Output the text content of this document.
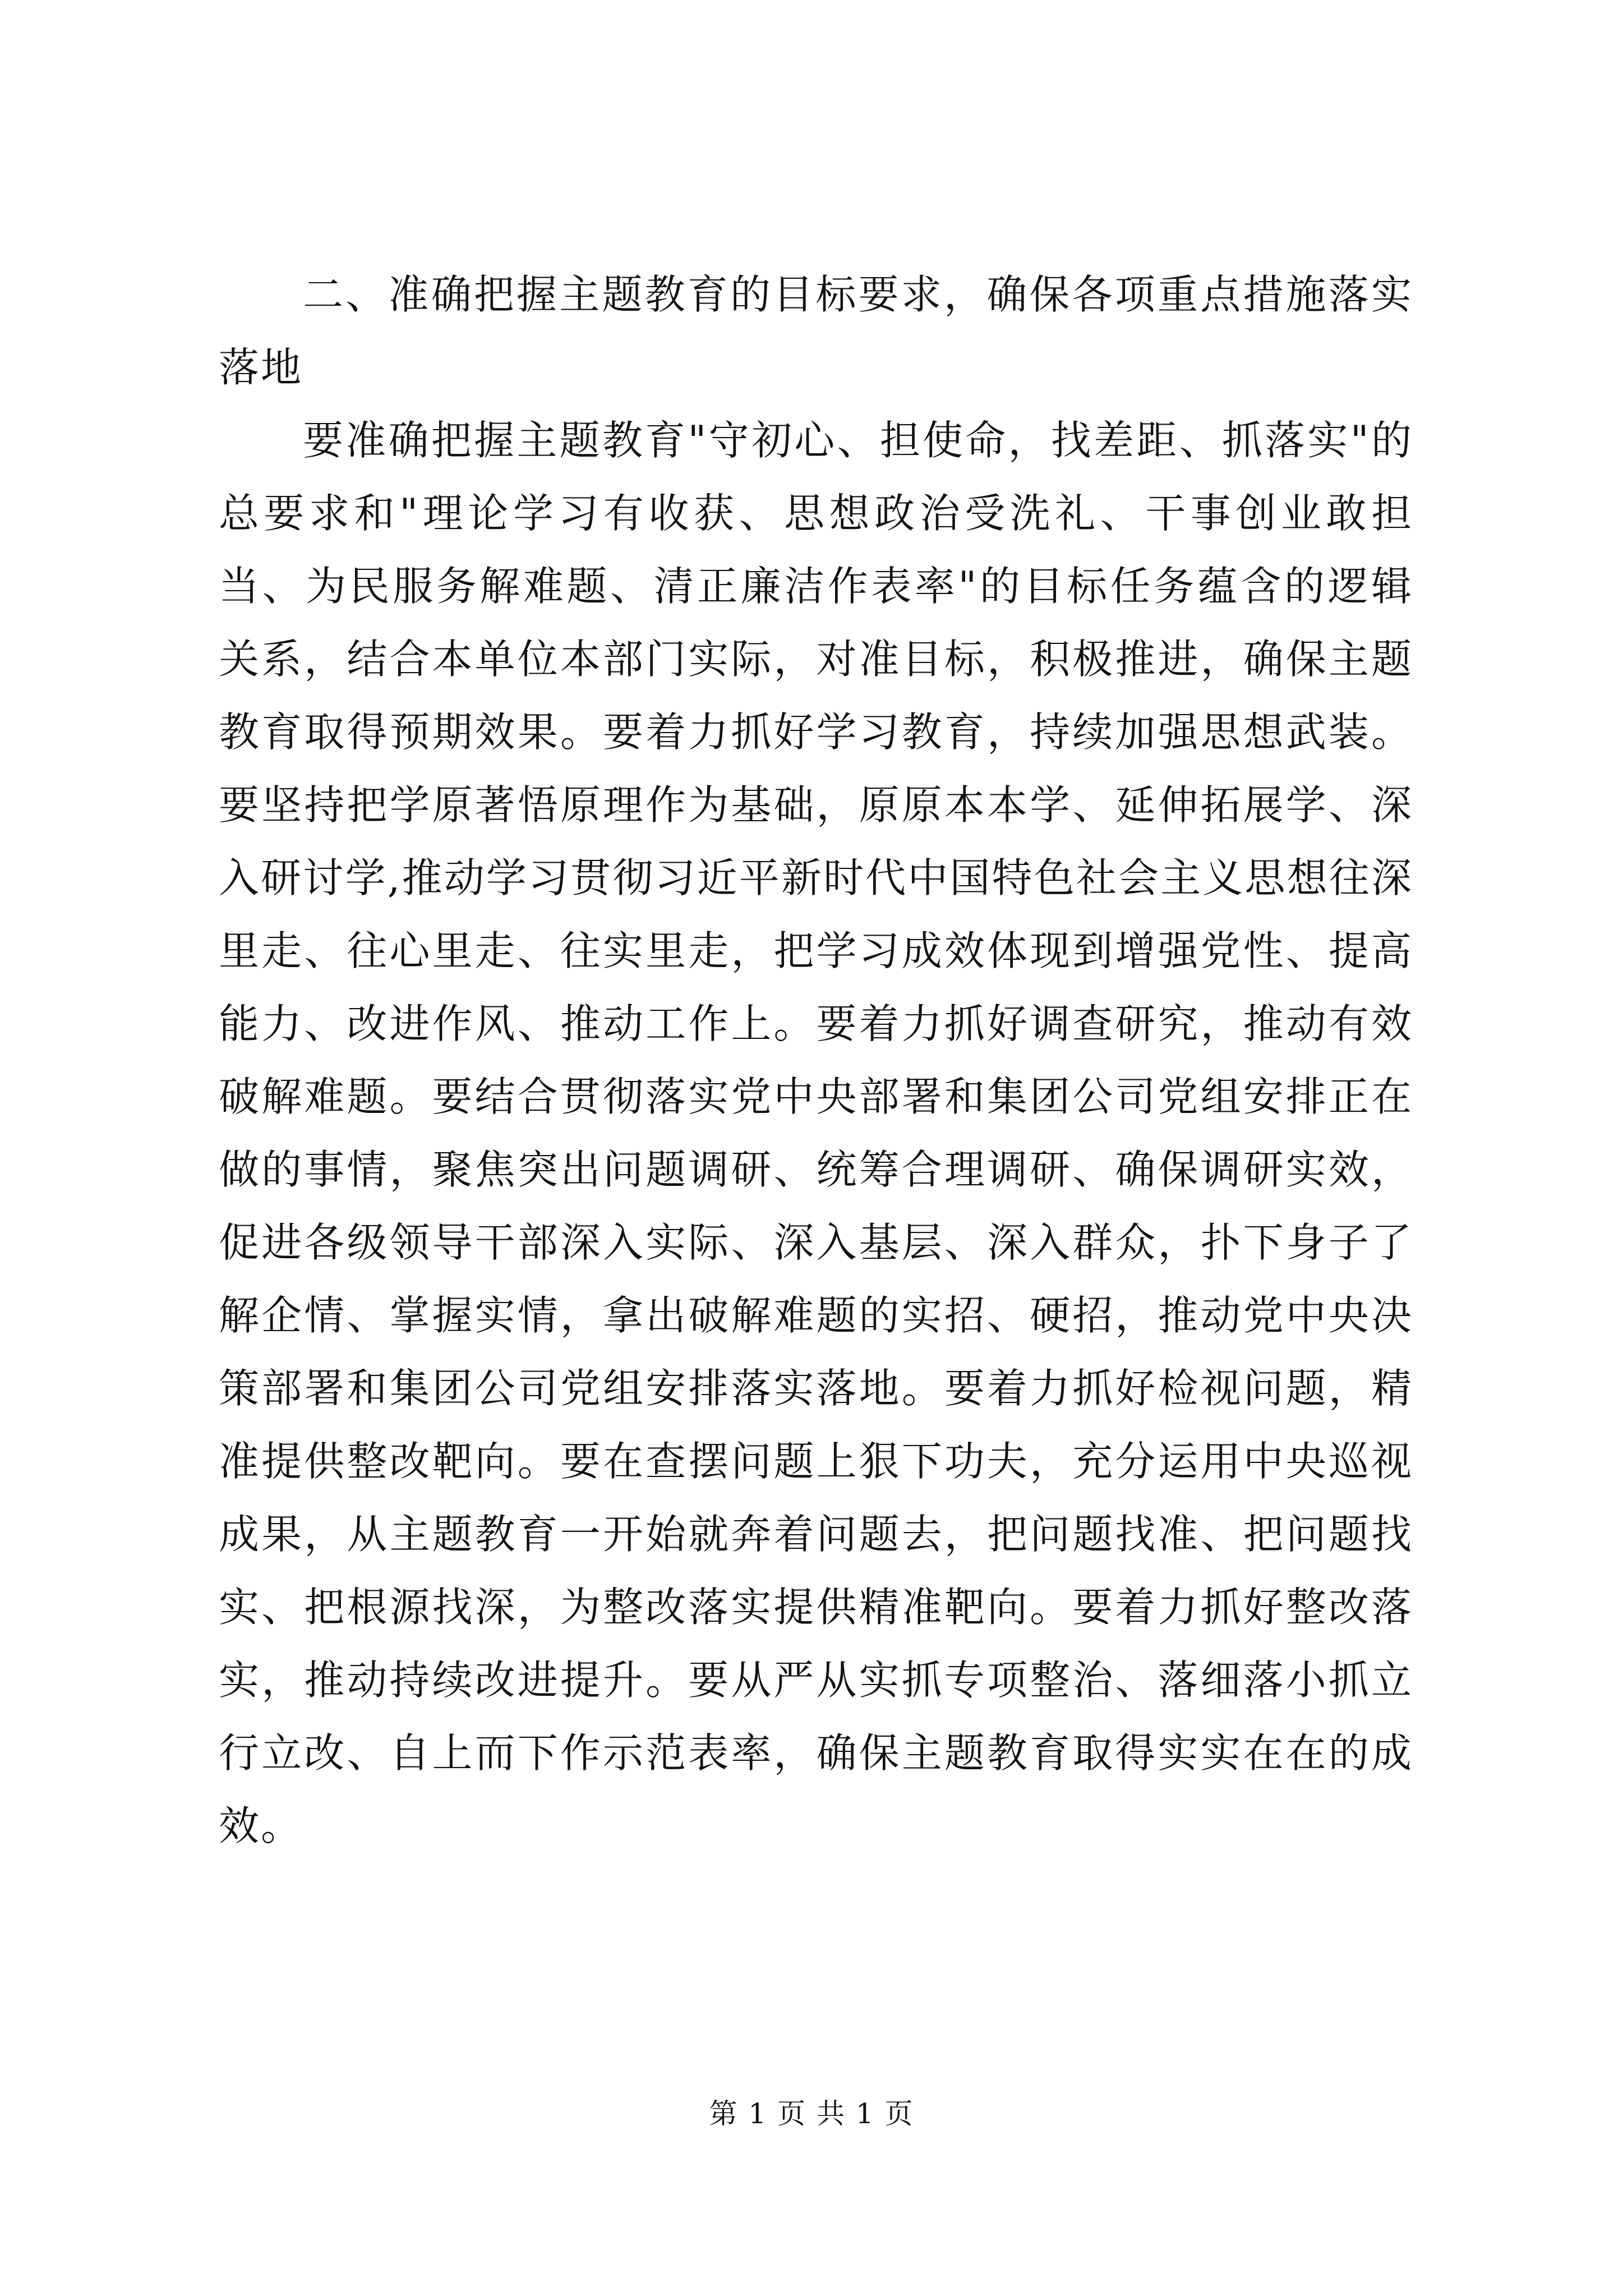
二、准确把握主题教育的目标要求，确保各项重点措施落实落地

要准确把握主题教育"守初心、担使命，找差距、抓落实"的总要求和"理论学习有收获、思想政治受洗礼、干事创业敢担当、为民服务解难题、清正廉洁作表率"的目标任务蕴含的逻辑关系，结合本单位本部门实际，对准目标，积极推进，确保主题教育取得预期效果。要着力抓好学习教育，持续加强思想武装。要坚持把学原著悟原理作为基础，原原本本学、延伸拓展学、深入研讨学,推动学习贯彻习近平新时代中国特色社会主义思想往深里走、往心里走、往实里走，把学习成效体现到增强党性、提高能力、改进作风、推动工作上。要着力抓好调查研究，推动有效破解难题。要结合贯彻落实党中央部署和集团公司党组安排正在做的事情，聚焦突出问题调研、统筹合理调研、确保调研实效，促进各级领导干部深入实际、深入基层、深入群众，扑下身子了解企情、掌握实情，拿出破解难题的实招、硬招，推动党中央决策部署和集团公司党组安排落实落地。要着力抓好检视问题，精准提供整改靶向。要在查摆问题上狠下功夫，充分运用中央巡视成果，从主题教育一开始就奔着问题去，把问题找准、把问题找实、把根源找深，为整改落实提供精准靶向。要着力抓好整改落实，推动持续改进提升。要从严从实抓专项整治、落细落小抓立行立改、自上而下作示范表率，确保主题教育取得实实在在的成效。

第 1 页 共 1 页
